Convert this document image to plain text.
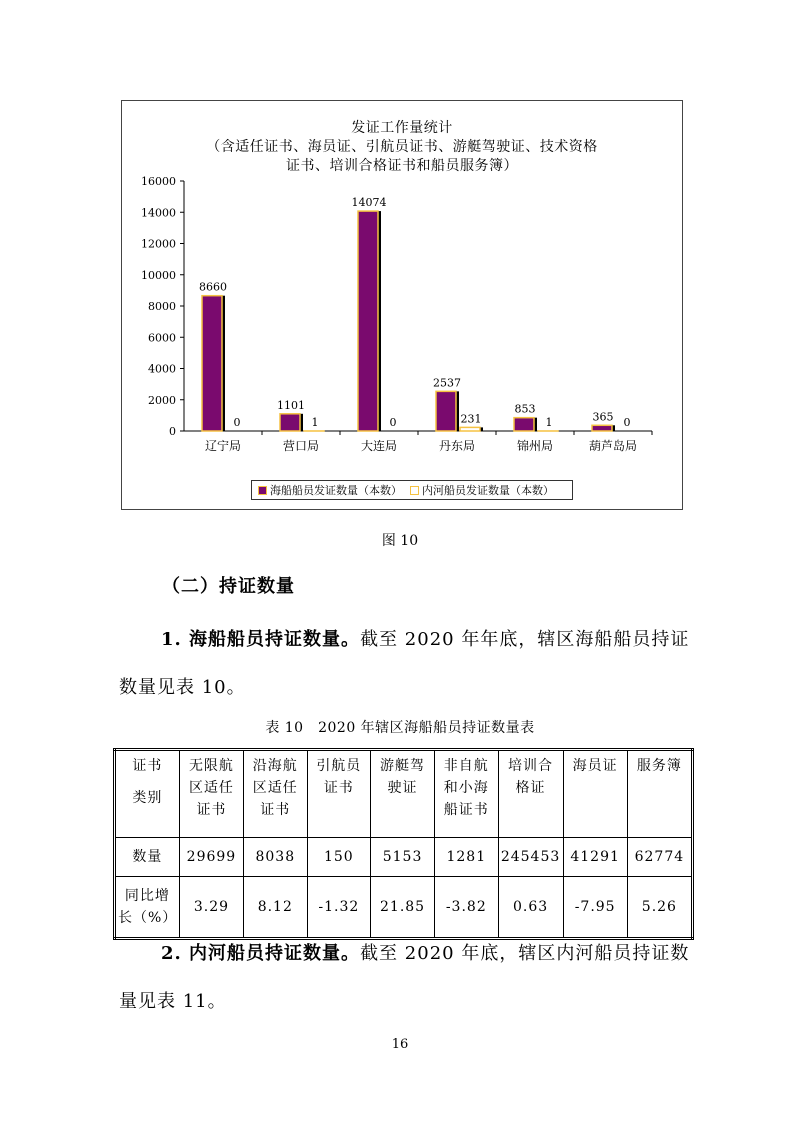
发证工作量统计
（含适任证书、海员证、引航员证书、游艇驾驶证、技术资格
证书、培训合格证书和船员服务簿）
0
2000
4000
6000
8000
10000
12000
14000
16000
辽宁局
8660
0
营口局
1101
1
大连局
14074
0
丹东局
2537
231
锦州局
853
1
葫芦岛局
365 0
海船船员发证数量（本数） 内河船员发证数量（本数）
图 10
（二）持证数量
1. 海船船员持证数量。截至 2020 年年底，辖区海船船员持证数量见表 10。
表 10　2020 年辖区海船船员持证数量表
证书
类别	无限航区适任证书	沿海航区适任证书	引航员证书	游艇驾驶证	非自航和小海船证书	培训合格证	海员证	服务簿
数量	29699	8038	150	5153	1281	245453	41291	62774
同比增长（%）	3.29	8.12	-1.32	21.85	-3.82	0.63	-7.95	5.26
2. 内河船员持证数量。截至 2020 年底，辖区内河船员持证数量见表 11。
16
